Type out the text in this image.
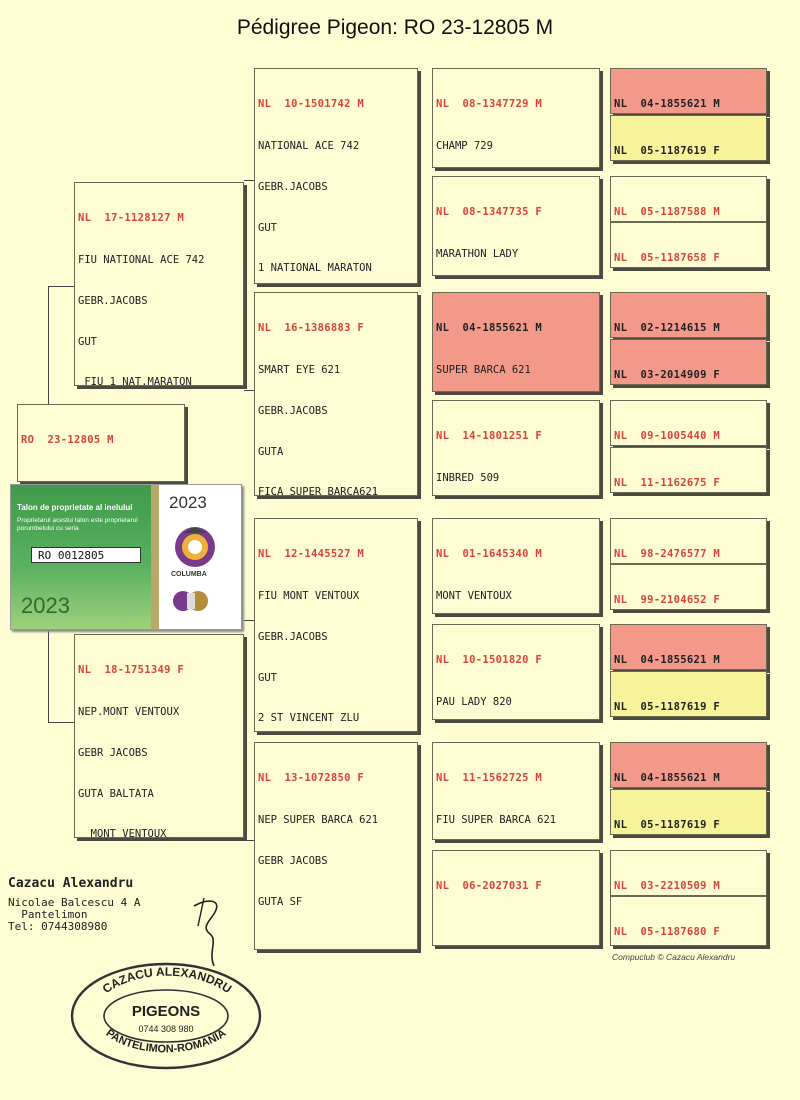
Pédigree Pigeon: RO 23-12805 M

RO  23-12805 M

NL  17-1128127 M

FIU NATIONAL ACE 742

GEBR.JACOBS

GUT

FIU 1 NAT.MARATON

NL  18-1751349 F

NEP.MONT VENTOUX

GEBR JACOBS

GUTA BALTATA

MONT VENTOUX

NL  10-1501742 M

NATIONAL ACE 742

GEBR.JACOBS

GUT

1 NATIONAL MARATON

NL  16-1386883 F

SMART EYE 621

GEBR.JACOBS

GUTA

FICA SUPER BARCA621

NL  12-1445527 M

FIU MONT VENTOUX

GEBR.JACOBS

GUT

2 ST VINCENT ZLU

NL  13-1072850 F

NEP SUPER BARCA 621

GEBR JACOBS

GUTA SF

NL  08-1347729 M

CHAMP 729

NL  08-1347735 F

MARATHON LADY

NL  04-1855621 M

SUPER BARCA 621

NL  14-1801251 F

INBRED 509

NL  01-1645340 M

MONT VENTOUX

NL  10-1501820 F

PAU LADY 820

NL  11-1562725 M

FIU SUPER BARCA 621

NL  06-2027031 F

NL  04-1855621 M

NL  05-1187619 F

NL  05-1187588 M

NL  05-1187658 F

NL  02-1214615 M

NL  03-2014909 F

NL  09-1005440 M

NL  11-1162675 F

NL  98-2476577 M

NL  99-2104652 F

NL  04-1855621 M

NL  05-1187619 F

NL  04-1855621 M

NL  05-1187619 F

NL  03-2210509 M

NL  05-1187680 F

Talon de proprietate al inelului
Proprietarul acestui talon este proprietarul porumbelului cu seria
RO 0012805
2023
2023
COLUMBA
Cazacu Alexandru
Nicolae Balcescu 4 A
Pantelimon
Tel: 0744308980
Compuclub © Cazacu Alexandru
CAZACU ALEXANDRU
PIGEONS
0744 308 980
PANTELIMON-ROMÂNIA
